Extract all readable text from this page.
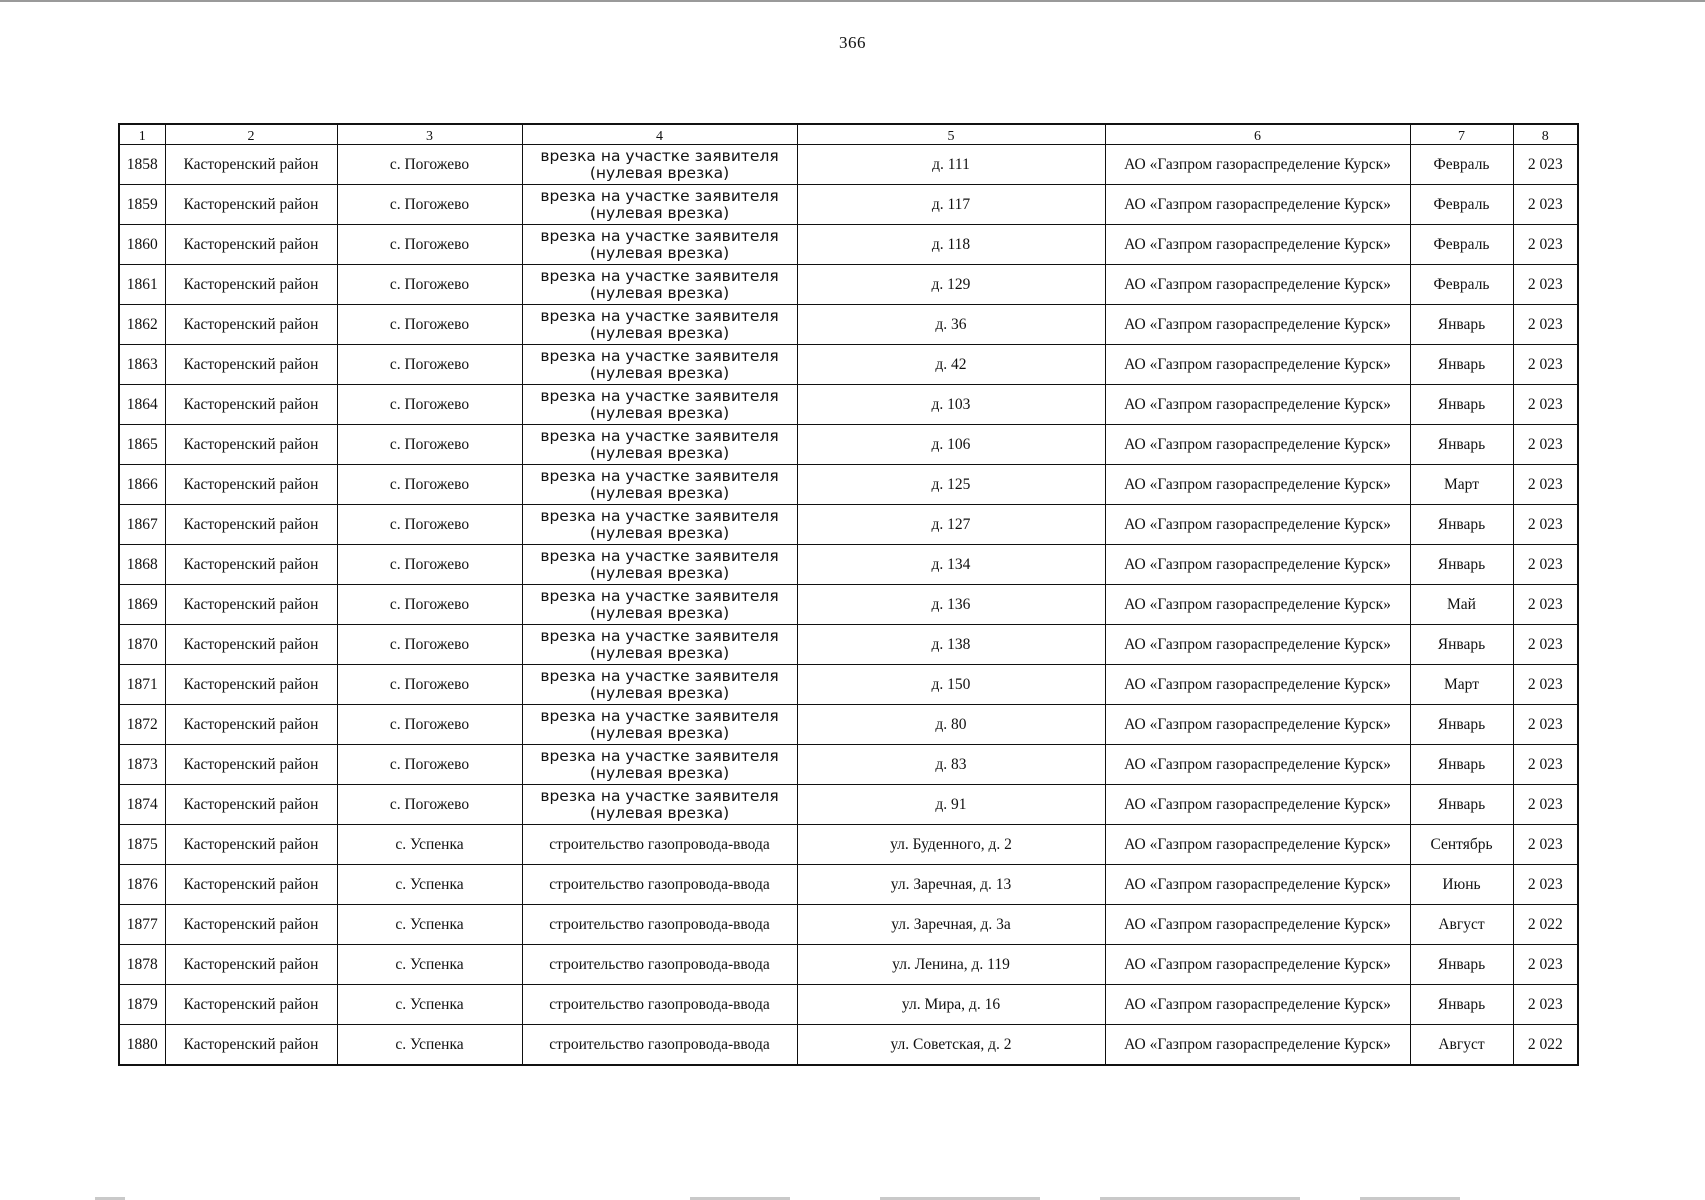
366
1	2	3	4	5	6	7	8
1858	Касторенский район	с. Погожево	врезка на участке заявителя (нулевая врезка)	д. 111	АО «Газпром газораспределение Курск»	Февраль	2 023
1859	Касторенский район	с. Погожево	врезка на участке заявителя (нулевая врезка)	д. 117	АО «Газпром газораспределение Курск»	Февраль	2 023
1860	Касторенский район	с. Погожево	врезка на участке заявителя (нулевая врезка)	д. 118	АО «Газпром газораспределение Курск»	Февраль	2 023
1861	Касторенский район	с. Погожево	врезка на участке заявителя (нулевая врезка)	д. 129	АО «Газпром газораспределение Курск»	Февраль	2 023
1862	Касторенский район	с. Погожево	врезка на участке заявителя (нулевая врезка)	д. 36	АО «Газпром газораспределение Курск»	Январь	2 023
1863	Касторенский район	с. Погожево	врезка на участке заявителя (нулевая врезка)	д. 42	АО «Газпром газораспределение Курск»	Январь	2 023
1864	Касторенский район	с. Погожево	врезка на участке заявителя (нулевая врезка)	д. 103	АО «Газпром газораспределение Курск»	Январь	2 023
1865	Касторенский район	с. Погожево	врезка на участке заявителя (нулевая врезка)	д. 106	АО «Газпром газораспределение Курск»	Январь	2 023
1866	Касторенский район	с. Погожево	врезка на участке заявителя (нулевая врезка)	д. 125	АО «Газпром газораспределение Курск»	Март	2 023
1867	Касторенский район	с. Погожево	врезка на участке заявителя (нулевая врезка)	д. 127	АО «Газпром газораспределение Курск»	Январь	2 023
1868	Касторенский район	с. Погожево	врезка на участке заявителя (нулевая врезка)	д. 134	АО «Газпром газораспределение Курск»	Январь	2 023
1869	Касторенский район	с. Погожево	врезка на участке заявителя (нулевая врезка)	д. 136	АО «Газпром газораспределение Курск»	Май	2 023
1870	Касторенский район	с. Погожево	врезка на участке заявителя (нулевая врезка)	д. 138	АО «Газпром газораспределение Курск»	Январь	2 023
1871	Касторенский район	с. Погожево	врезка на участке заявителя (нулевая врезка)	д. 150	АО «Газпром газораспределение Курск»	Март	2 023
1872	Касторенский район	с. Погожево	врезка на участке заявителя (нулевая врезка)	д. 80	АО «Газпром газораспределение Курск»	Январь	2 023
1873	Касторенский район	с. Погожево	врезка на участке заявителя (нулевая врезка)	д. 83	АО «Газпром газораспределение Курск»	Январь	2 023
1874	Касторенский район	с. Погожево	врезка на участке заявителя (нулевая врезка)	д. 91	АО «Газпром газораспределение Курск»	Январь	2 023
1875	Касторенский район	с. Успенка	строительство газопровода-ввода	ул. Буденного, д. 2	АО «Газпром газораспределение Курск»	Сентябрь	2 023
1876	Касторенский район	с. Успенка	строительство газопровода-ввода	ул. Заречная, д. 13	АО «Газпром газораспределение Курск»	Июнь	2 023
1877	Касторенский район	с. Успенка	строительство газопровода-ввода	ул. Заречная, д. 3а	АО «Газпром газораспределение Курск»	Август	2 022
1878	Касторенский район	с. Успенка	строительство газопровода-ввода	ул. Ленина, д. 119	АО «Газпром газораспределение Курск»	Январь	2 023
1879	Касторенский район	с. Успенка	строительство газопровода-ввода	ул. Мира, д. 16	АО «Газпром газораспределение Курск»	Январь	2 023
1880	Касторенский район	с. Успенка	строительство газопровода-ввода	ул. Советская, д. 2	АО «Газпром газораспределение Курск»	Август	2 022
